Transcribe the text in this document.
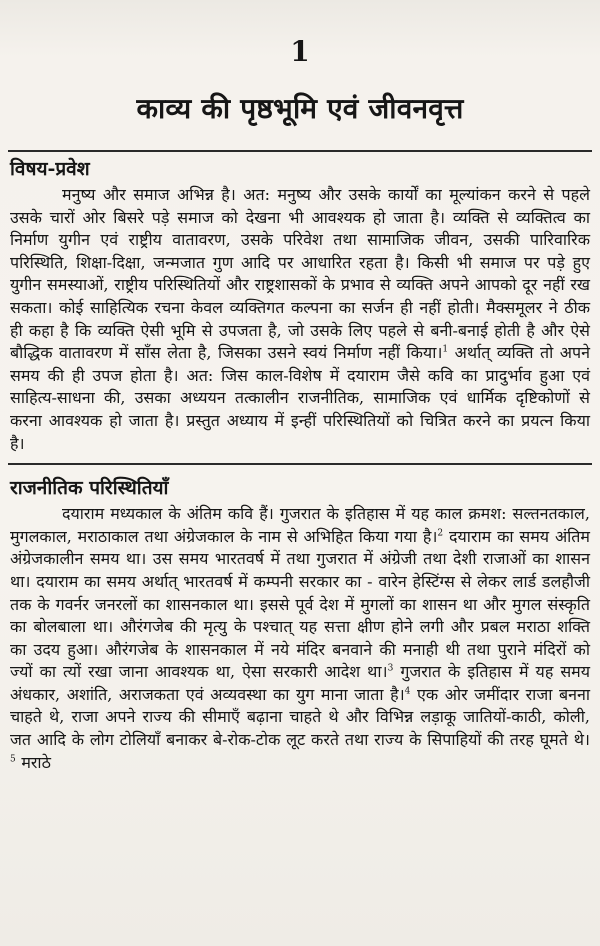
1
काव्य की पृष्ठभूमि एवं जीवनवृत्त
विषय-प्रवेश

मनुष्य और समाज अभिन्न है। अत: मनुष्य और उसके कार्यों का मूल्यांकन करने से पहले उसके चारों ओर बिसरे पड़े समाज को देखना भी आवश्यक हो जाता है। व्यक्ति से व्यक्तित्व का निर्माण युगीन एवं राष्ट्रीय वातावरण, उसके परिवेश तथा सामाजिक जीवन, उसकी पारिवारिक परिस्थिति, शिक्षा-दिक्षा, जन्मजात गुण आदि पर आधारित रहता है। किसी भी समाज पर पड़े हुए युगीन समस्याओं, राष्ट्रीय परिस्थितियों और राष्ट्रशासकों के प्रभाव से व्यक्ति अपने आपको दूर नहीं रख सकता। कोई साहित्यिक रचना केवल व्यक्तिगत कल्पना का सर्जन ही नहीं होती। मैक्समूलर ने ठीक ही कहा है कि व्यक्ति ऐसी भूमि से उपजता है, जो उसके लिए पहले से बनी-बनाई होती है और ऐसे बौद्धिक वातावरण में साँस लेता है, जिसका उसने स्वयं निर्माण नहीं किया।$^1$ अर्थात् व्यक्ति तो अपने समय की ही उपज होता है। अत: जिस काल-विशेष में दयाराम जैसे कवि का प्रादुर्भाव हुआ एवं साहित्य-साधना की, उसका अध्ययन तत्कालीन राजनीतिक, सामाजिक एवं धार्मिक दृष्टिकोणों से करना आवश्यक हो जाता है। प्रस्तुत अध्याय में इन्हीं परिस्थितियों को चित्रित करने का प्रयत्न किया है।

राजनीतिक परिस्थितियाँ

दयाराम मध्यकाल के अंतिम कवि हैं। गुजरात के इतिहास में यह काल क्रमश: सल्तनतकाल, मुगलकाल, मराठाकाल तथा अंग्रेजकाल के नाम से अभिहित किया गया है।$^2$ दयाराम का समय अंतिम अंग्रेजकालीन समय था। उस समय भारतवर्ष में तथा गुजरात में अंग्रेजी तथा देशी राजाओं का शासन था। दयाराम का समय अर्थात् भारतवर्ष में कम्पनी सरकार का - वारेन हेस्टिंग्स से लेकर लार्ड डलहौजी तक के गवर्नर जनरलों का शासनकाल था। इससे पूर्व देश में मुगलों का शासन था और मुगल संस्कृति का बोलबाला था। औरंगजेब की मृत्यु के पश्चात् यह सत्ता क्षीण होने लगी और प्रबल मराठा शक्ति का उदय हुआ। औरंगजेब के शासनकाल में नये मंदिर बनवाने की मनाही थी तथा पुराने मंदिरों को ज्यों का त्यों रखा जाना आवश्यक था, ऐसा सरकारी आदेश था।$^3$ गुजरात के इतिहास में यह समय अंधकार, अशांति, अराजकता एवं अव्यवस्था का युग माना जाता है।$^4$ एक ओर जमींदार राजा बनना चाहते थे, राजा अपने राज्य की सीमाएँ बढ़ाना चाहते थे और विभिन्न लड़ाकू जातियों-काठी, कोली, जत आदि के लोग टोलियाँ बनाकर बे-रोक-टोक लूट करते तथा राज्य के सिपाहियों की तरह घूमते थे।$^5$ मराठे
